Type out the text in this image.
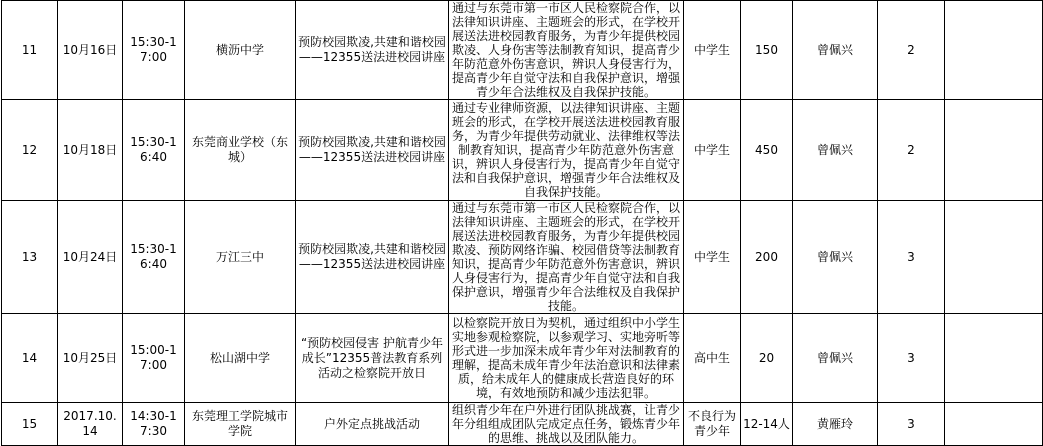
11	10月16日	15:30-17:00	横沥中学	预防校园欺凌,共建和谐校园——12355送法进校园讲座	通过与东莞市第一市区人民检察院合作，以法律知识讲座、主题班会的形式，在学校开展送法进校园教育服务，为青少年提供校园欺凌、人身伤害等法制教育知识，提高青少年防范意外伤害意识，辨识人身侵害行为，提高青少年自觉守法和自我保护意识，增强青少年合法维权及自我保护技能。	中学生	150	曾佩兴	2	
12	10月18日	15:30-16:40	东莞商业学校（东城）	预防校园欺凌,共建和谐校园——12355送法进校园讲座	通过专业律师资源，以法律知识讲座、主题班会的形式，在学校开展送法进校园教育服务，为青少年提供劳动就业、法律维权等法制教育知识，提高青少年防范意外伤害意识，辨识人身侵害行为，提高青少年自觉守法和自我保护意识，增强青少年合法维权及自我保护技能。	中学生	450	曾佩兴	2	
13	10月24日	15:30-16:40	万江三中	预防校园欺凌,共建和谐校园——12355送法进校园讲座	通过与东莞市第一市区人民检察院合作，以法律知识讲座、主题班会的形式，在学校开展送法进校园教育服务，为青少年提供校园欺凌、预防网络诈骗、校园借贷等法制教育知识，提高青少年防范意外伤害意识，辨识人身侵害行为，提高青少年自觉守法和自我保护意识，增强青少年合法维权及自我保护技能。	中学生	200	曾佩兴	3	
14	10月25日	15:00-17:00	松山湖中学	“预防校园侵害 护航青少年成长”12355普法教育系列活动之检察院开放日	以检察院开放日为契机，通过组织中小学生实地参观检察院，以参观学习、实地旁听等形式进一步加深未成年青少年对法制教育的理解，提高未成年青少年法治意识和法律素质，给未成年人的健康成长营造良好的环境，有效地预防和减少违法犯罪。	高中生	20	曾佩兴	3	
15	2017.10.14	14:30-17:30	东莞理工学院城市学院	户外定点挑战活动	组织青少年在户外进行团队挑战赛，让青少年分组组成团队完成定点任务，锻炼青少年的思维、挑战以及团队能力。	不良行为青少年	12-14人	黄雁玲	3	
